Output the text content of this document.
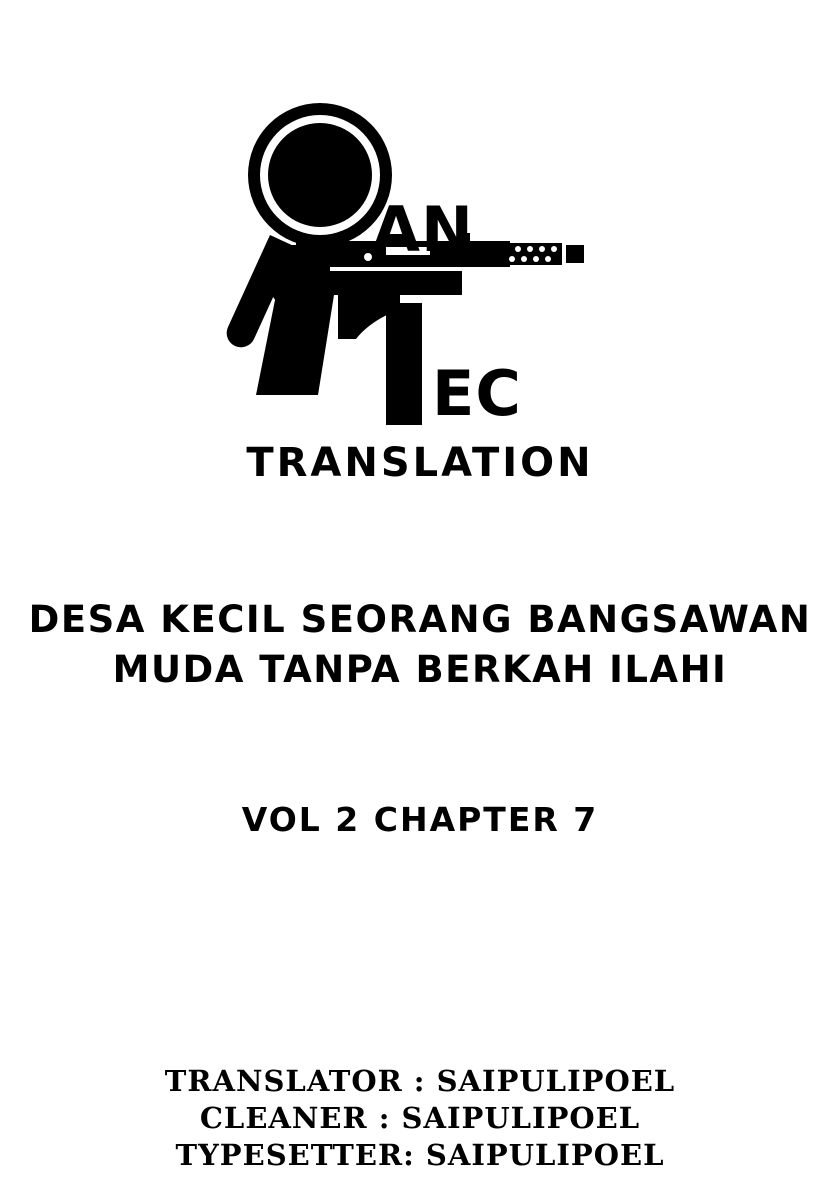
AN
EC
TRANSLATION
DESA KECIL SEORANG BANGSAWAN
MUDA TANPA BERKAH ILAHI
VOL 2 CHAPTER 7
TRANSLATOR : SAIPULIPOEL
CLEANER : SAIPULIPOEL
TYPESETTER: SAIPULIPOEL
